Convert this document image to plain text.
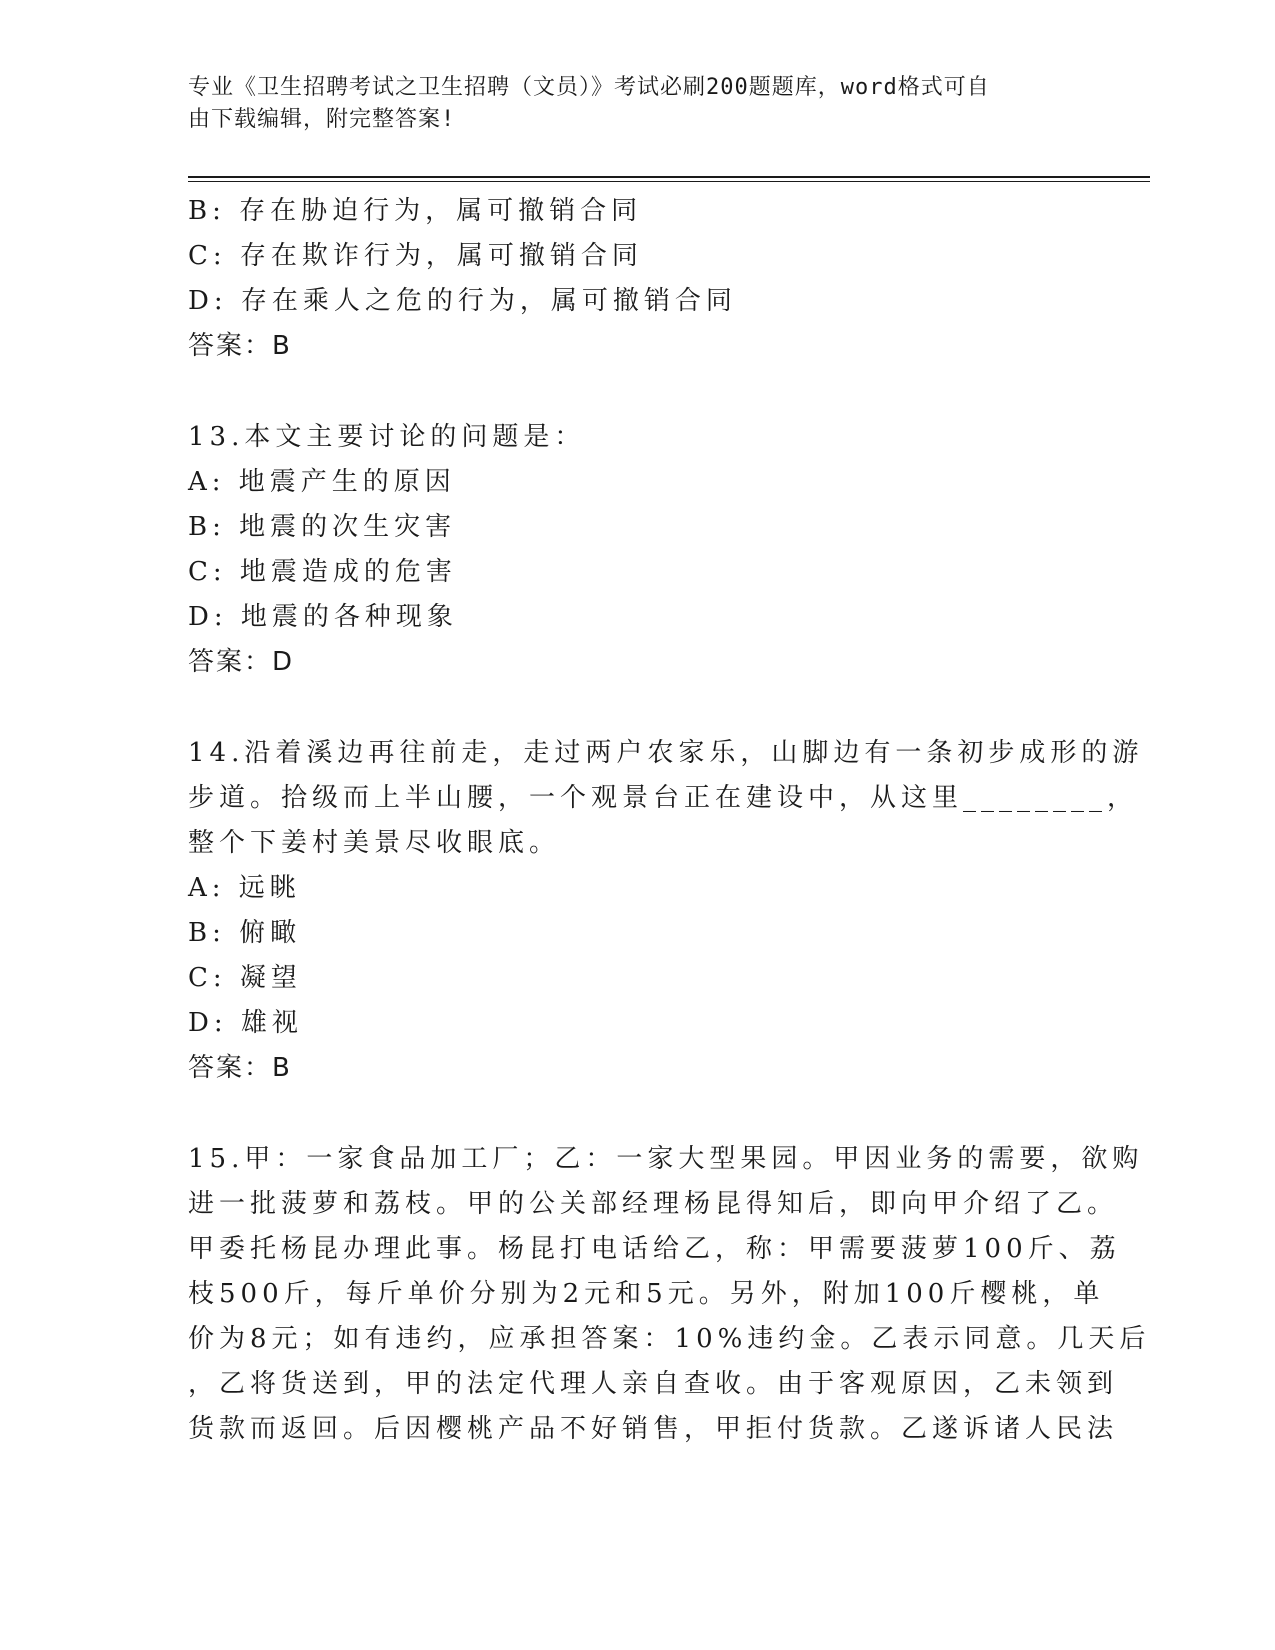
专业《卫生招聘考试之卫生招聘（文员）》考试必刷200题题库，word格式可自
由下载编辑，附完整答案!
B: 存在胁迫行为，属可撤销合同
C: 存在欺诈行为，属可撤销合同
D: 存在乘人之危的行为，属可撤销合同
答案：B
13.本文主要讨论的问题是：
A: 地震产生的原因
B: 地震的次生灾害
C: 地震造成的危害
D: 地震的各种现象
答案：D
14.沿着溪边再往前走，走过两户农家乐，山脚边有一条初步成形的游
步道。拾级而上半山腰，一个观景台正在建设中，从这里________，
整个下姜村美景尽收眼底。
A: 远眺
B: 俯瞰
C: 凝望
D: 雄视
答案：B
15.甲：一家食品加工厂；乙：一家大型果园。甲因业务的需要，欲购
进一批菠萝和荔枝。甲的公关部经理杨昆得知后，即向甲介绍了乙。
甲委托杨昆办理此事。杨昆打电话给乙，称：甲需要菠萝100斤、荔
枝500斤，每斤单价分别为2元和5元。另外，附加100斤樱桃，单
价为8元；如有违约，应承担答案：10%违约金。乙表示同意。几天后
，乙将货送到，甲的法定代理人亲自查收。由于客观原因，乙未领到
货款而返回。后因樱桃产品不好销售，甲拒付货款。乙遂诉诸人民法
